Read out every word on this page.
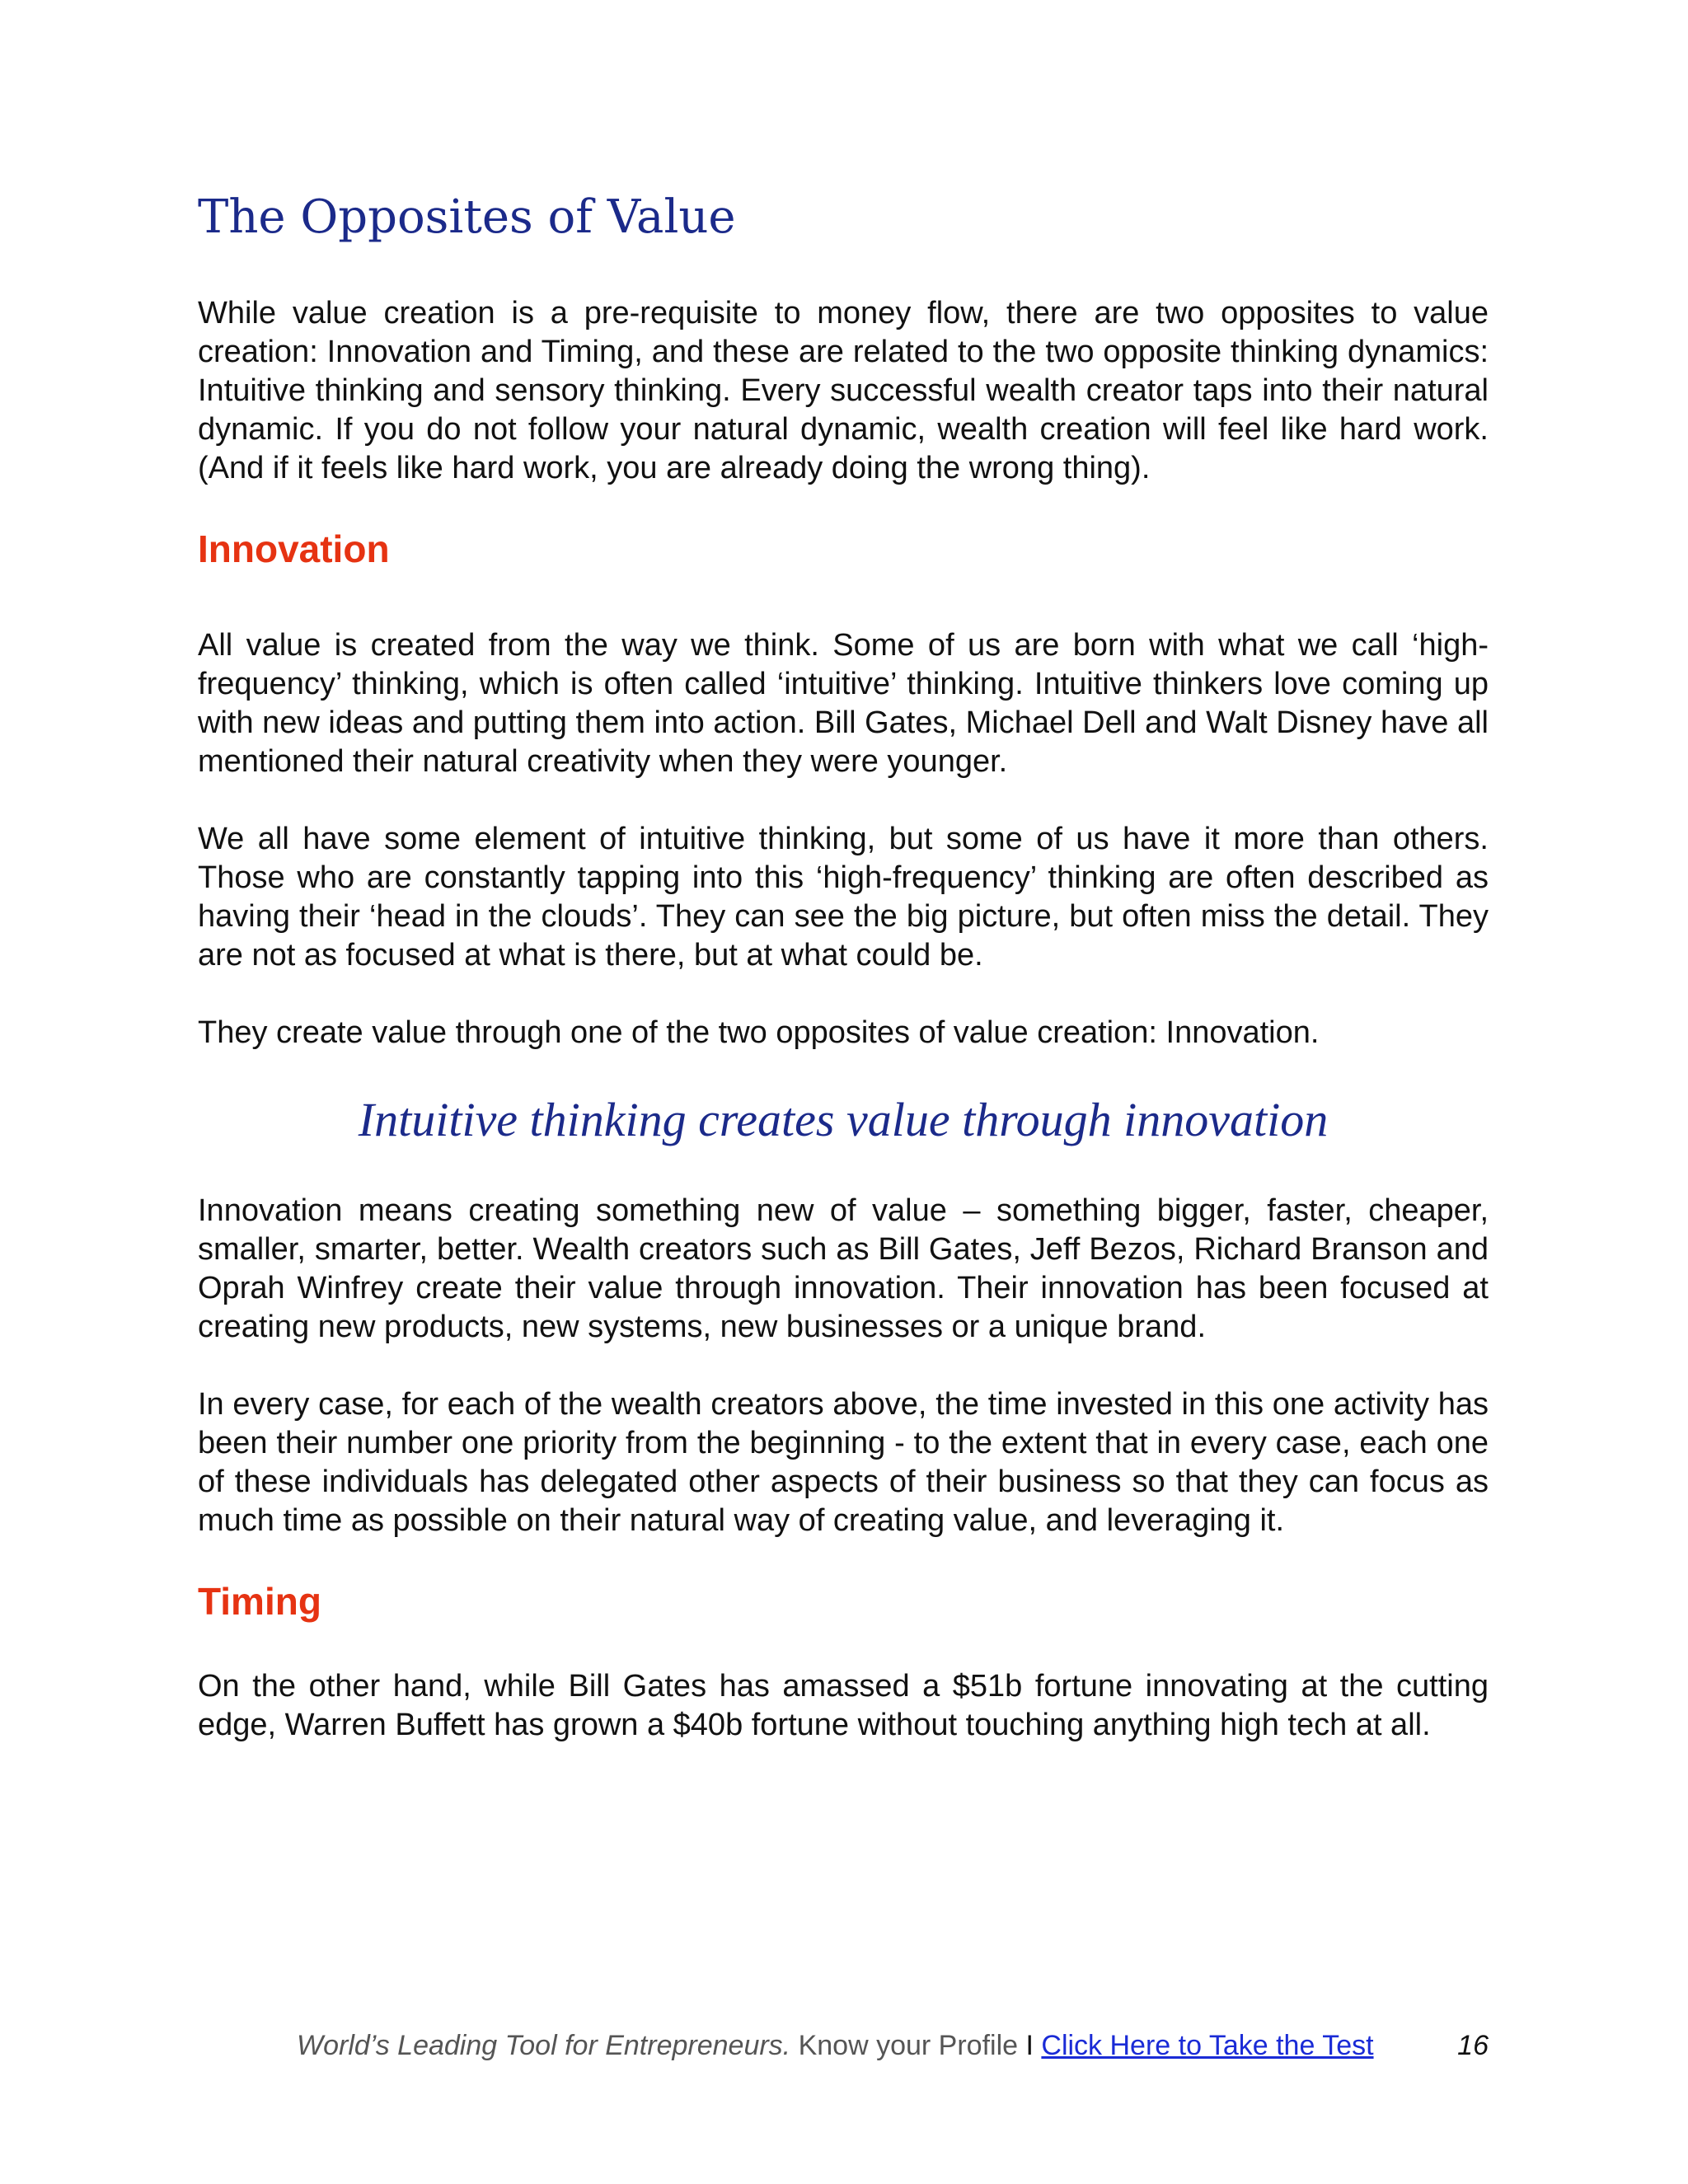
The Opposites of Value

While value creation is a pre-requisite to money flow, there are two opposites to value creation: Innovation and Timing, and these are related to the two opposite thinking dynamics: Intuitive thinking and sensory thinking. Every successful wealth creator taps into their natural dynamic. If you do not follow your natural dynamic, wealth creation will feel like hard work. (And if it feels like hard work, you are already doing the wrong thing).

Innovation

All value is created from the way we think. Some of us are born with what we call ‘high-frequency’ thinking, which is often called ‘intuitive’ thinking. Intuitive thinkers love coming up with new ideas and putting them into action. Bill Gates, Michael Dell and Walt Disney have all mentioned their natural creativity when they were younger.

We all have some element of intuitive thinking, but some of us have it more than others. Those who are constantly tapping into this ‘high-frequency’ thinking are often described as having their ‘head in the clouds’. They can see the big picture, but often miss the detail. They are not as focused at what is there, but at what could be.

They create value through one of the two opposites of value creation: Innovation.

Intuitive thinking creates value through innovation

Innovation means creating something new of value – something bigger, faster, cheaper, smaller, smarter, better. Wealth creators such as Bill Gates, Jeff Bezos, Richard Branson and Oprah Winfrey create their value through innovation. Their innovation has been focused at creating new products, new systems, new businesses or a unique brand.

In every case, for each of the wealth creators above, the time invested in this one activity has been their number one priority from the beginning - to the extent that in every case, each one of these individuals has delegated other aspects of their business so that they can focus as much time as possible on their natural way of creating value, and leveraging it.

Timing

On the other hand, while Bill Gates has amassed a $51b fortune innovating at the cutting edge, Warren Buffett has grown a $40b fortune without touching anything high tech at all.

World’s Leading Tool for Entrepreneurs. Know your Profile I Click Here to Take the Test	16
